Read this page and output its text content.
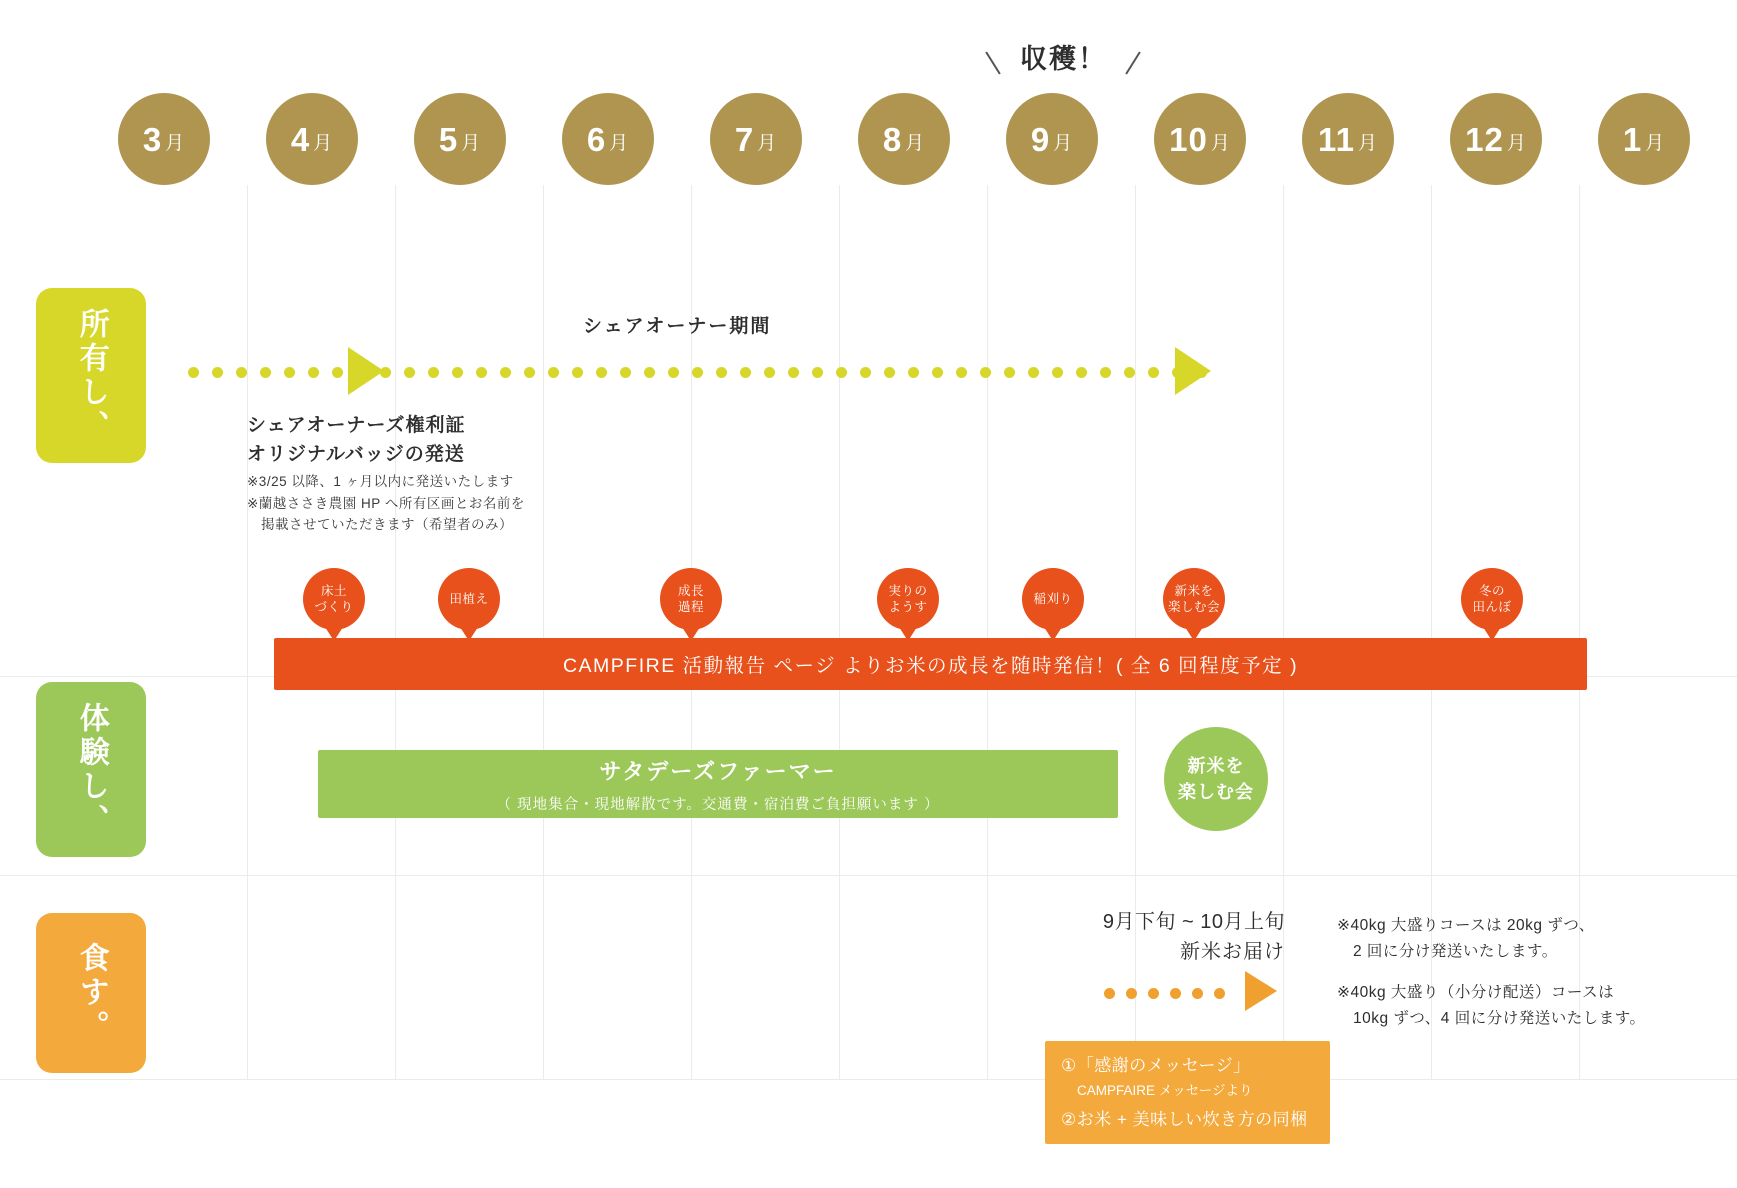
収穫！
3 月	4 月	5 月	6 月	7 月	8 月	9 月	10 月	11 月	12 月	1 月
所有し、
体験し、
食す。
シェアオーナー期間
シェアオーナーズ権利証
オリジナルバッジの発送
※3/25 以降、1 ヶ月以内に発送いたします
※蘭越ささき農園 HP へ所有区画とお名前を
　掲載させていただきます（希望者のみ）
床土
づくり
田植え
成長
過程
実りの
ようす
稲刈り
新米を
楽しむ会
冬の
田んぼ
CAMPFIRE 活動報告 ページ よりお米の成長を随時発信！( 全 6 回程度予定 )
サタデーズファーマー
（ 現地集合・現地解散です。交通費・宿泊費ご負担願います ）
新米を
楽しむ会
9月下旬 ~ 10月上旬
新米お届け
※40kg 大盛りコースは 20kg ずつ、
　2 回に分け発送いたします。
※40kg 大盛り（小分け配送）コースは
　10kg ずつ、4 回に分け発送いたします。
①「感謝のメッセージ」
CAMPFAIRE メッセージより
②お米 + 美味しい炊き方の同梱
